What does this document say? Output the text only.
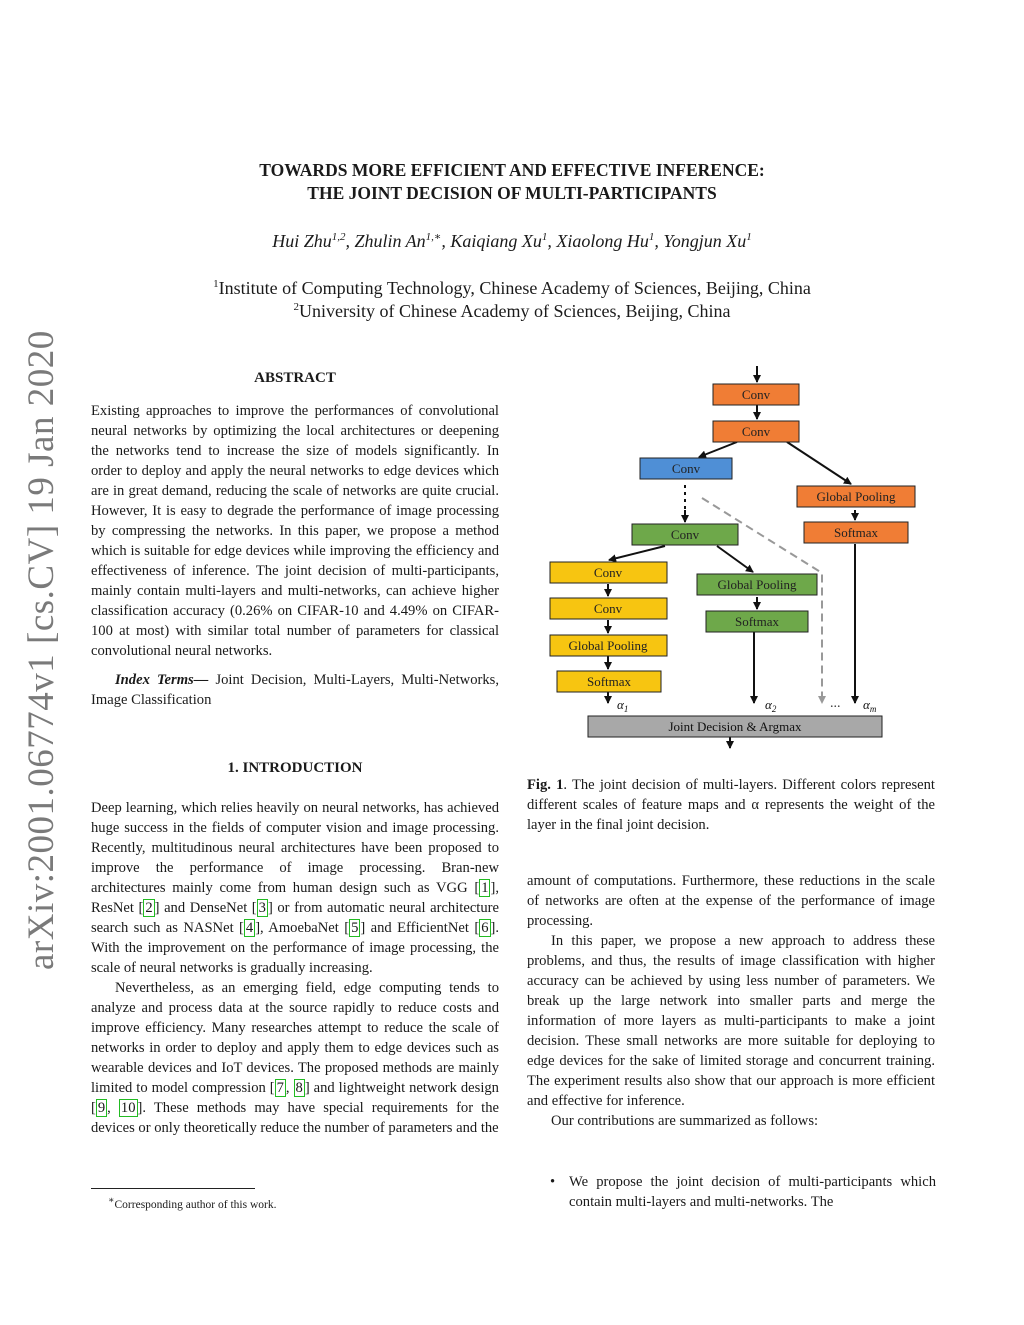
arXiv:2001.06774v1 [cs.CV] 19 Jan 2020
TOWARDS MORE EFFICIENT AND EFFECTIVE INFERENCE:
THE JOINT DECISION OF MULTI-PARTICIPANTS
Hui Zhu$^{1,2}$, Zhulin $An^{1,∗}$, Kaiqiang Xu$^1$, Xiaolong Hu$^1$, Yongjun Xu$^1$
$^1$Institute of Computing Technology, Chinese Academy of Sciences, Beijing, China
$^2$University of Chinese Academy of Sciences, Beijing, China
ABSTRACT

Existing approaches to improve the performances of convolutional neural networks by optimizing the local architectures or deepening the networks tend to increase the size of models significantly. In order to deploy and apply the neural networks to edge devices which are in great demand, reducing the scale of networks are quite crucial. However, It is easy to degrade the performance of image processing by compressing the networks. In this paper, we propose a method which is suitable for edge devices while improving the efficiency and effectiveness of inference. The joint decision of multi-participants, mainly contain multi-layers and multi-networks, can achieve higher classification accuracy (0.26% on CIFAR-10 and 4.49% on CIFAR-100 at most) with similar total number of parameters for classical convolutional neural networks.

Index Terms— Joint Decision, Multi-Layers, Multi-Networks, Image Classification

1. INTRODUCTION

Deep learning, which relies heavily on neural networks, has achieved huge success in the fields of computer vision and image processing. Recently, multitudinous neural architectures have been proposed to improve the performance of image processing. Bran-new architectures mainly come from human design such as VGG [ 1 ], ResNet [ 2 ] and DenseNet [ 3 ] or from automatic neural architecture search such as NASNet [ 4 ], AmoebaNet [ 5 ] and EfficientNet [ 6 ]. With the improvement on the performance of image processing, the scale of neural networks is gradually increasing.

Nevertheless, as an emerging field, edge computing tends to analyze and process data at the source rapidly to reduce costs and improve efficiency. Many researches attempt to reduce the scale of networks in order to deploy and apply them to edge devices such as wearable devices and IoT devices. The proposed methods are mainly limited to model compression [ 7 , 8 ] and lightweight network design [ 9 , 10 ]. These methods may have special requirements for the devices or only theoretically reduce the number of parameters and the

∗Corresponding author of this work.
Conv
Conv
Conv
Global Pooling
Softmax
Conv
Global Pooling
Softmax
Conv
Conv
Global Pooling
Softmax
Joint Decision & Argmax
$\alpha_1$	$\alpha_2$	$\alpha_m$
...
Fig. 1. The joint decision of multi-layers. Different colors represent different scales of feature maps and α represents the weight of the layer in the final joint decision.

amount of computations. Furthermore, these reductions in the scale of networks are often at the expense of the performance of image processing.

In this paper, we propose a new approach to address these problems, and thus, the results of image classification with higher accuracy can be achieved by using less number of parameters. We break up the large network into smaller parts and merge the information of more layers as multi-participants to make a joint decision. These small networks are more suitable for deploying to edge devices for the sake of limited storage and concurrent training. The experiment results also show that our approach is more efficient and effective for inference.

Our contributions are summarized as follows:

• We propose the joint decision of multi-participants which contain multi-layers and multi-networks. The
